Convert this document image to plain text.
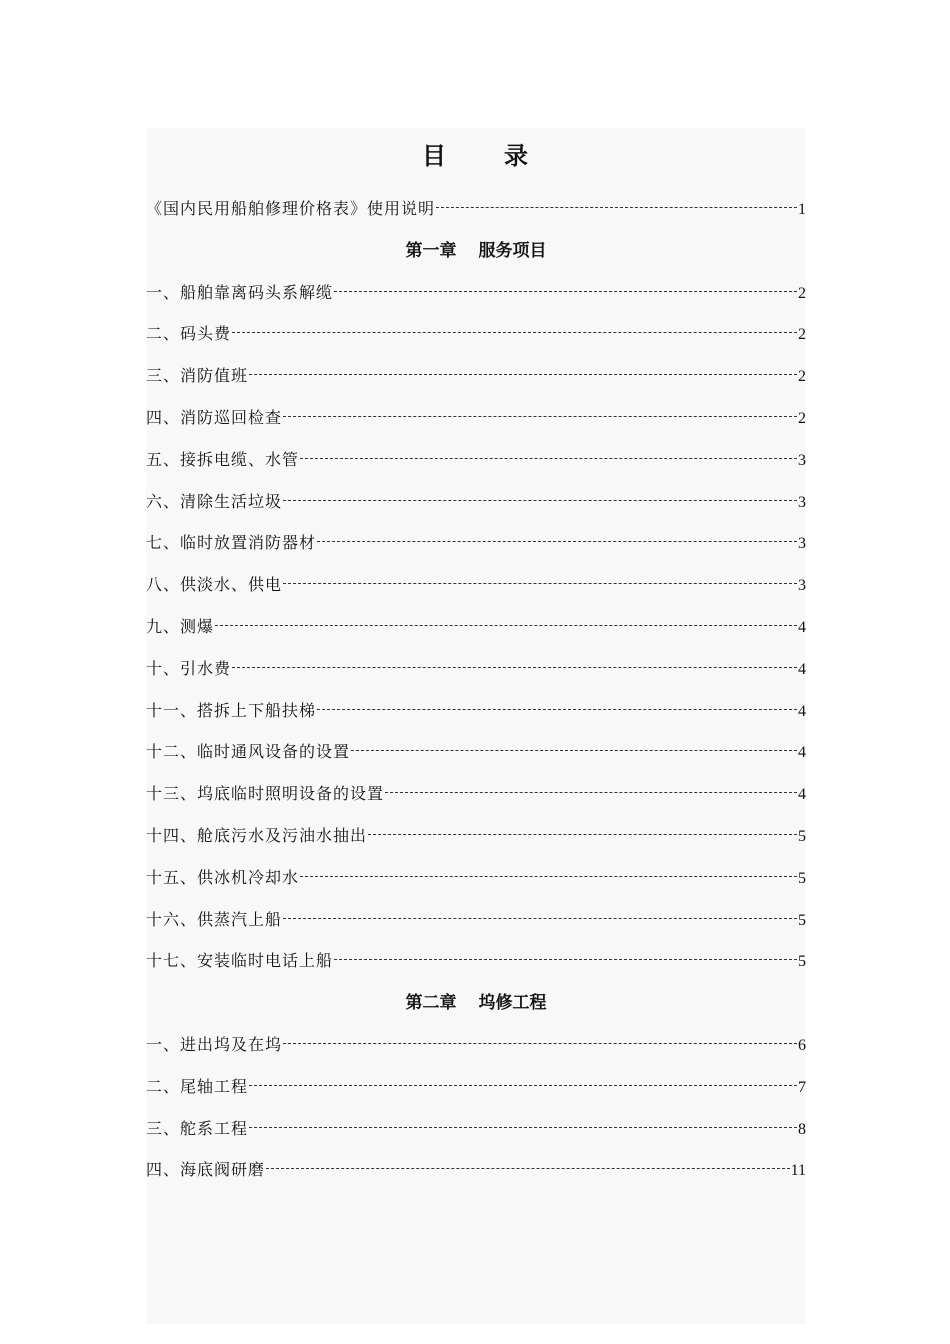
目 录
《国内民用船舶修理价格表》使用说明	1
第一章 服务项目
一、船舶靠离码头系解缆	2
二、码头费	2
三、消防值班	2
四、消防巡回检查	2
五、接拆电缆、水管	3
六、清除生活垃圾	3
七、临时放置消防器材	3
八、供淡水、供电	3
九、测爆	4
十、引水费	4
十一、搭拆上下船扶梯	4
十二、临时通风设备的设置	4
十三、坞底临时照明设备的设置	4
十四、舱底污水及污油水抽出	5
十五、供冰机冷却水	5
十六、供蒸汽上船	5
十七、安装临时电话上船	5
第二章 坞修工程
一、进出坞及在坞	6
二、尾轴工程	7
三、舵系工程	8
四、海底阀研磨	11
